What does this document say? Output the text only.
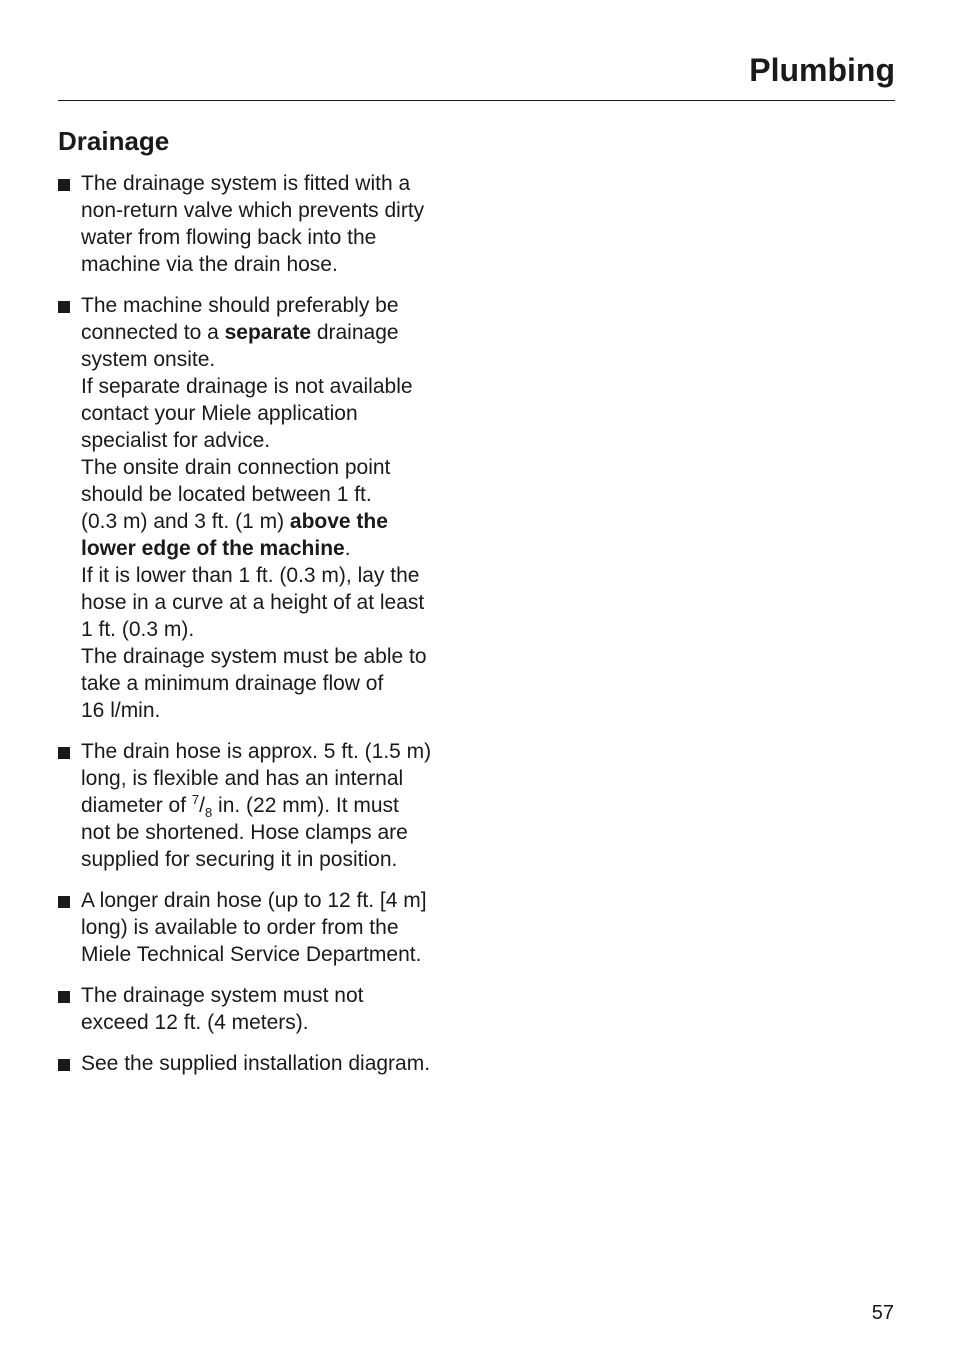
Plumbing
Drainage
The drainage system is fitted with a
non-return valve which prevents dirty
water from flowing back into the
machine via the drain hose.
The machine should preferably be
connected to a separate drainage
system onsite.
If separate drainage is not available
contact your Miele application
specialist for advice.
The onsite drain connection point
should be located between 1 ft.
(0.3 m) and 3 ft. (1 m) above the
lower edge of the machine.
If it is lower than 1 ft. (0.3 m), lay the
hose in a curve at a height of at least
1 ft. (0.3 m).
The drainage system must be able to
take a minimum drainage flow of
16 l/min.
The drain hose is approx. 5 ft. (1.5 m)
long, is flexible and has an internal
diameter of $^7/_8$ in. (22 mm). It must
not be shortened. Hose clamps are
supplied for securing it in position.
A longer drain hose (up to 12 ft. [4 m]
long) is available to order from the
Miele Technical Service Department.
The drainage system must not
exceed 12 ft. (4 meters).
See the supplied installation diagram.
57
